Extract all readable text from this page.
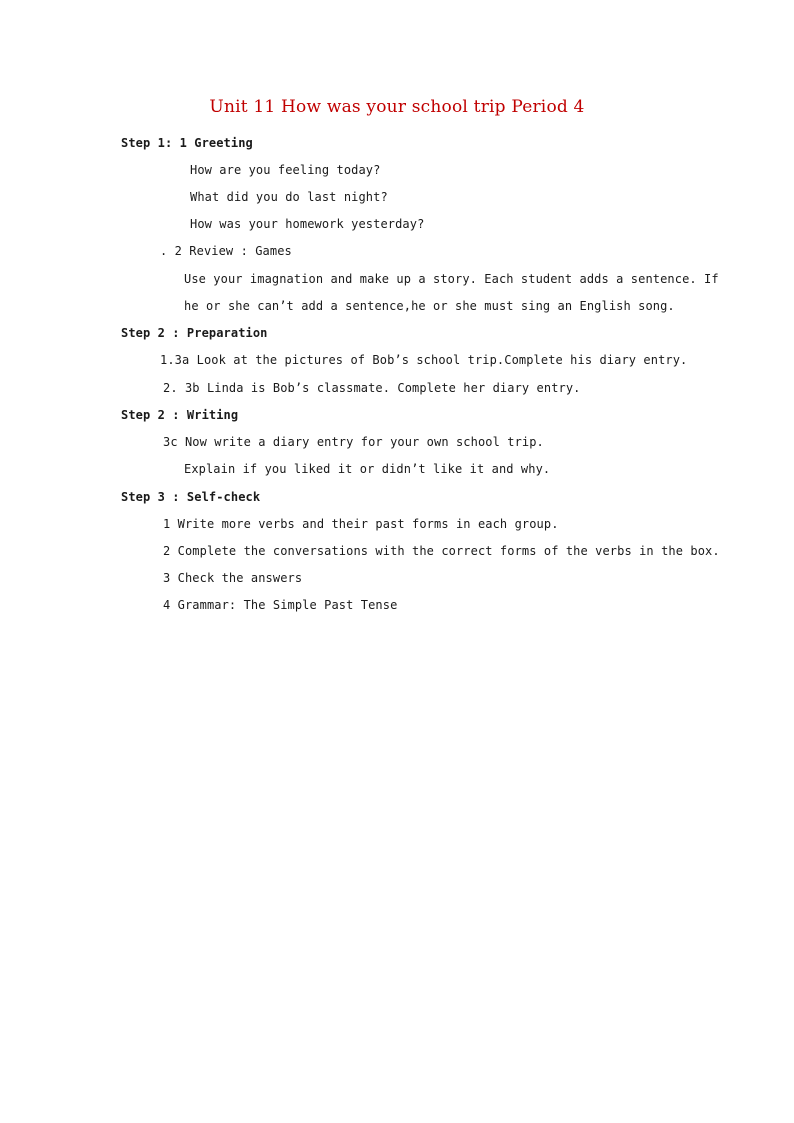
Unit 11 How was your school trip Period 4
Step 1: 1 Greeting
How are you feeling today?
What did you do last night?
How was your homework yesterday?
. 2 Review : Games
Use your imagnation and make up a story. Each student adds a sentence. If
he or she can’t add a sentence,he or she must sing an English song.
Step 2 : Preparation
1.3a Look at the pictures of Bob’s school trip.Complete his diary entry.
2. 3b Linda is Bob’s classmate. Complete her diary entry.
Step 2 : Writing
3c Now write a diary entry for your own school trip.
Explain if you liked it or didn’t like it and why.
Step 3 : Self-check
1 Write more verbs and their past forms in each group.
2 Complete the conversations with the correct forms of the verbs in the box.
3 Check the answers
4 Grammar: The Simple Past Tense
